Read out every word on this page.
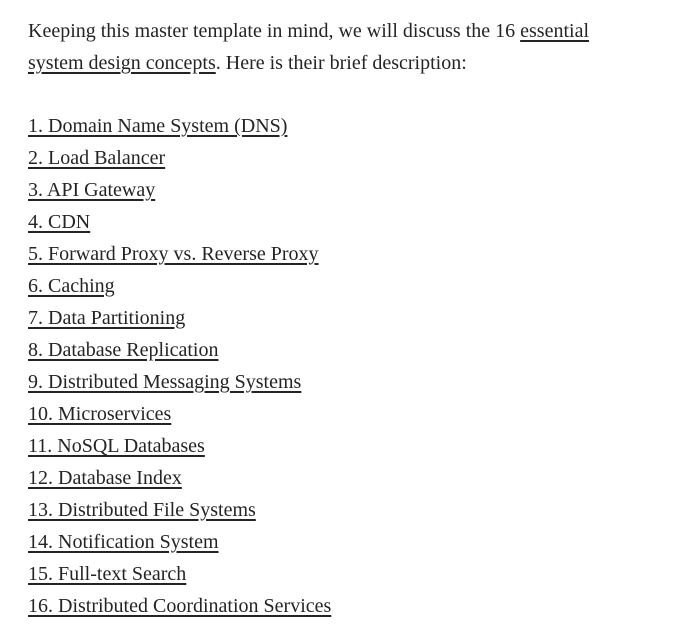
Keeping this master template in mind, we will discuss the 16 essential
system design concepts. Here is their brief description:

1. Domain Name System (DNS)
2. Load Balancer
3. API Gateway
4. CDN
5. Forward Proxy vs. Reverse Proxy
6. Caching
7. Data Partitioning
8. Database Replication
9. Distributed Messaging Systems
10. Microservices
11. NoSQL Databases
12. Database Index
13. Distributed File Systems
14. Notification System
15. Full-text Search
16. Distributed Coordination Services
